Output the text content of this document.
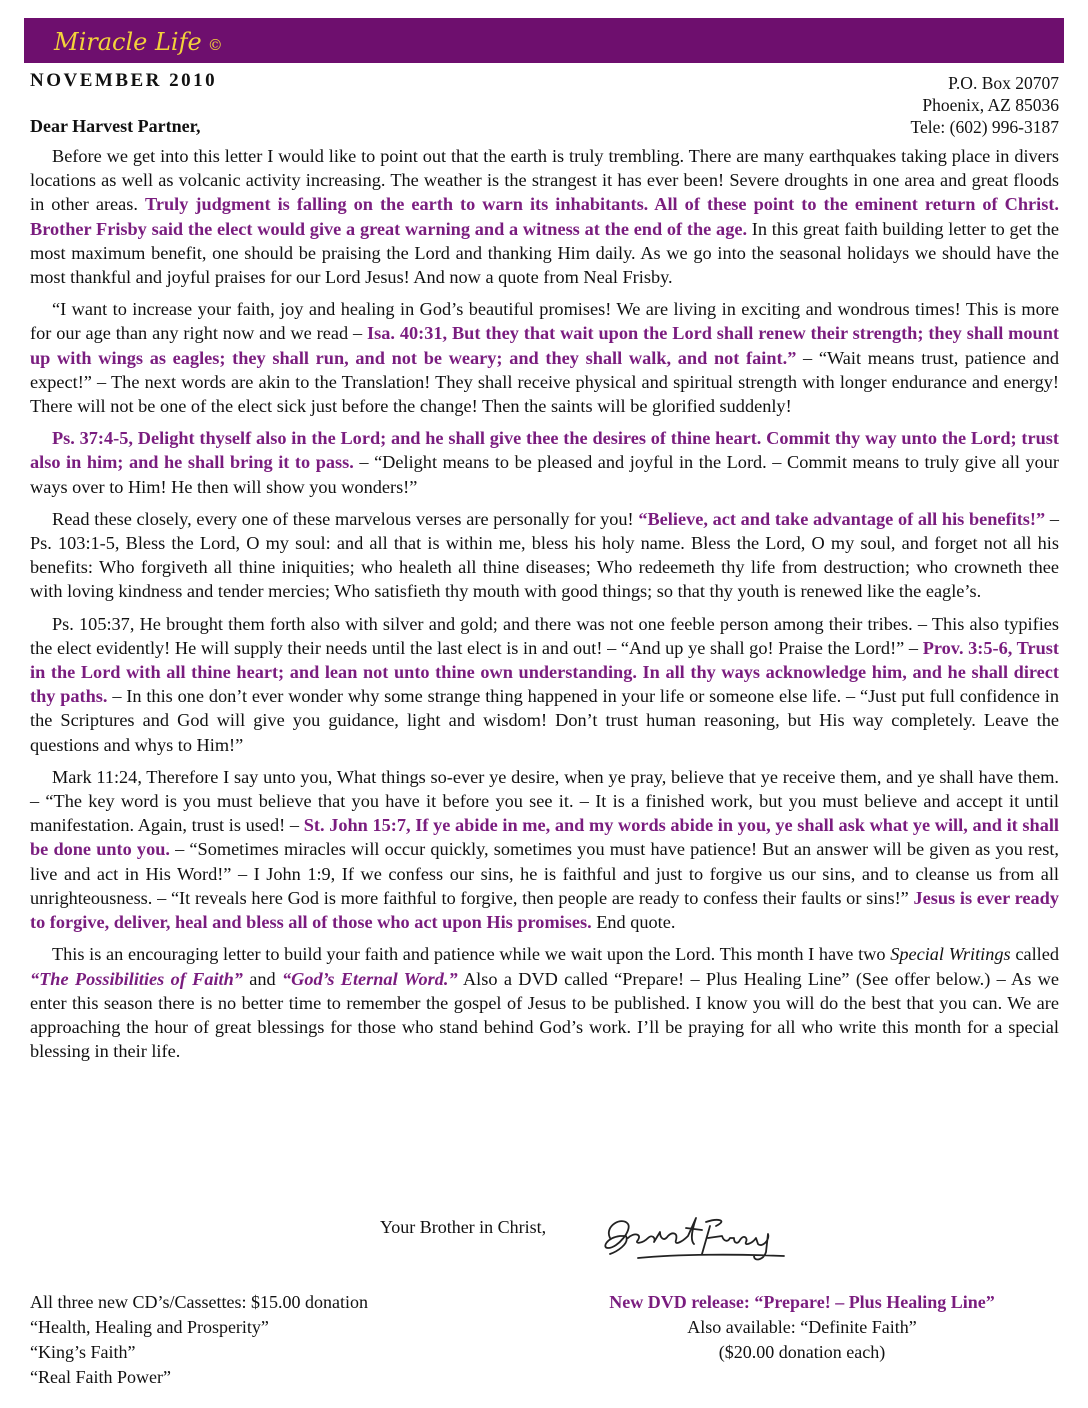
Miracle Life ©
NOVEMBER 2010	P.O. Box 20707
Phoenix, AZ 85036
Tele: (602) 996-3187
Dear Harvest Partner,

Before we get into this letter I would like to point out that the earth is truly trembling. There are many earthquakes taking place in divers locations as well as volcanic activity increasing. The weather is the strangest it has ever been! Severe droughts in one area and great floods in other areas. Truly judgment is falling on the earth to warn its inhabitants. All of these point to the eminent return of Christ. Brother Frisby said the elect would give a great warning and a witness at the end of the age. In this great faith building letter to get the most maximum benefit, one should be praising the Lord and thanking Him daily. As we go into the seasonal holidays we should have the most thankful and joyful praises for our Lord Jesus! And now a quote from Neal Frisby.

“I want to increase your faith, joy and healing in God’s beautiful promises! We are living in exciting and wondrous times! This is more for our age than any right now and we read – Isa. 40:31, But they that wait upon the Lord shall renew their strength; they shall mount up with wings as eagles; they shall run, and not be weary; and they shall walk, and not faint.” – “Wait means trust, patience and expect!” – The next words are akin to the Translation! They shall receive physical and spiritual strength with longer endurance and energy! There will not be one of the elect sick just before the change! Then the saints will be glorified suddenly!

Ps. 37:4-5, Delight thyself also in the Lord; and he shall give thee the desires of thine heart. Commit thy way unto the Lord; trust also in him; and he shall bring it to pass. – “Delight means to be pleased and joyful in the Lord. – Commit means to truly give all your ways over to Him! He then will show you wonders!”

Read these closely, every one of these marvelous verses are personally for you! “Believe, act and take advantage of all his benefits!” – Ps. 103:1-5, Bless the Lord, O my soul: and all that is within me, bless his holy name. Bless the Lord, O my soul, and forget not all his benefits: Who forgiveth all thine iniquities; who healeth all thine diseases; Who redeemeth thy life from destruction; who crowneth thee with loving kindness and tender mercies; Who satisfieth thy mouth with good things; so that thy youth is renewed like the eagle’s.

Ps. 105:37, He brought them forth also with silver and gold; and there was not one feeble person among their tribes. – This also typifies the elect evidently! He will supply their needs until the last elect is in and out! – “And up ye shall go! Praise the Lord!” – Prov. 3:5-6, Trust in the Lord with all thine heart; and lean not unto thine own understanding. In all thy ways acknowledge him, and he shall direct thy paths. – In this one don’t ever wonder why some strange thing happened in your life or someone else life. – “Just put full confidence in the Scriptures and God will give you guidance, light and wisdom! Don’t trust human reasoning, but His way completely. Leave the questions and whys to Him!”

Mark 11:24, Therefore I say unto you, What things so-ever ye desire, when ye pray, believe that ye receive them, and ye shall have them. – “The key word is you must believe that you have it before you see it. – It is a finished work, but you must believe and accept it until manifestation. Again, trust is used! – St. John 15:7, If ye abide in me, and my words abide in you, ye shall ask what ye will, and it shall be done unto you. – “Sometimes miracles will occur quickly, sometimes you must have patience! But an answer will be given as you rest, live and act in His Word!” – I John 1:9, If we confess our sins, he is faithful and just to forgive us our sins, and to cleanse us from all unrighteousness. – “It reveals here God is more faithful to forgive, then people are ready to confess their faults or sins!” Jesus is ever ready to forgive, deliver, heal and bless all of those who act upon His promises. End quote.

This is an encouraging letter to build your faith and patience while we wait upon the Lord. This month I have two Special Writings called “The Possibilities of Faith” and “God’s Eternal Word.” Also a DVD called “Prepare! – Plus Healing Line” (See offer below.) – As we enter this season there is no better time to remember the gospel of Jesus to be published. I know you will do the best that you can. We are approaching the hour of great blessings for those who stand behind God’s work. I’ll be praying for all who write this month for a special blessing in their life.

Your Brother in Christ,
All three new CD’s/Cassettes: $15.00 donation
“Health, Healing and Prosperity”
“King’s Faith”
“Real Faith Power”
New DVD release: “Prepare! – Plus Healing Line”
Also available: “Definite Faith”
($20.00 donation each)
